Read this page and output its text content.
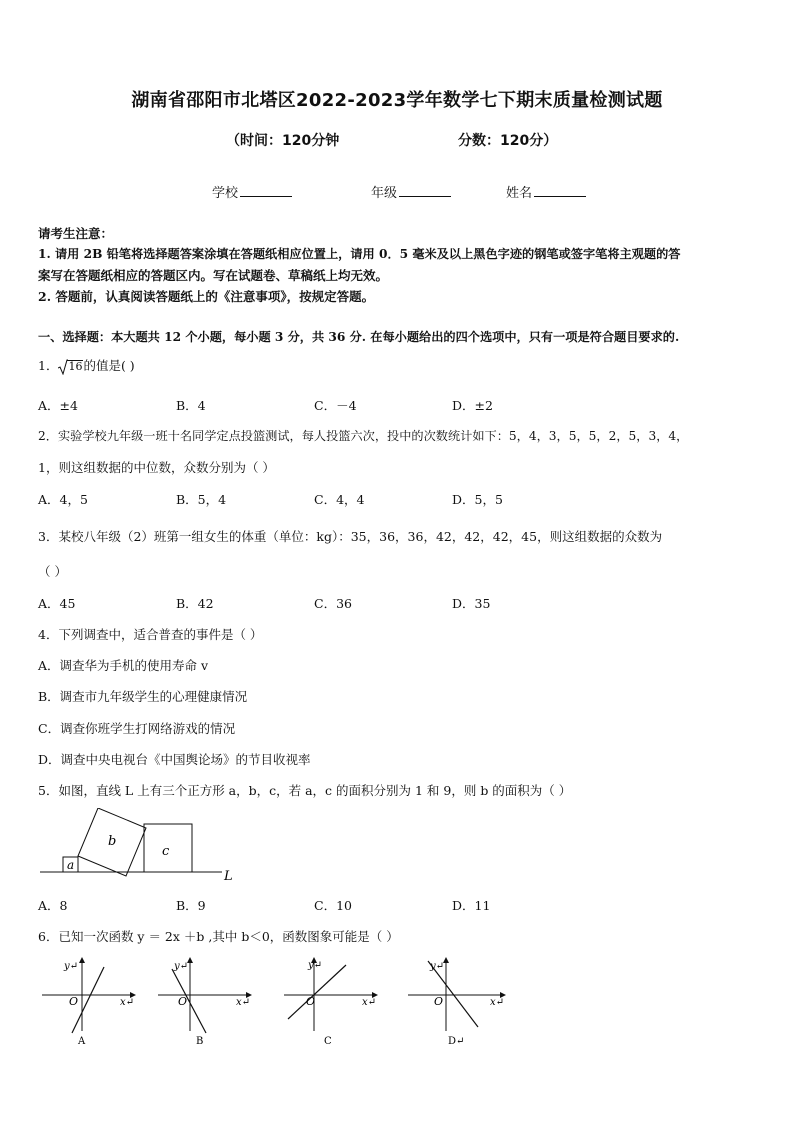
湖南省邵阳市北塔区2022-2023学年数学七下期末质量检测试题
（时间：120分钟	分数：120分）
学校	年级	姓名
请考生注意：
1. 请用 2B 铅笔将选择题答案涂填在答题纸相应位置上，请用 0．5 毫米及以上黑色字迹的钢笔或签字笔将主观题的答
案写在答题纸相应的答题区内。写在试题卷、草稿纸上均无效。
2. 答题前，认真阅读答题纸上的《注意事项》，按规定答题。
一、选择题：本大题共 12 个小题，每小题 3 分，共 36 分. 在每小题给出的四个选项中，只有一项是符合题目要求的.
1． 16的值是( )
A．±4	B．4	C．－4	D．±2
2．实验学校九年级一班十名同学定点投篮测试，每人投篮六次，投中的次数统计如下：5，4，3，5，5，2，5，3，4，
1，则这组数据的中位数，众数分别为（ ）
A．4，5	B．5，4	C．4，4	D．5，5
3．某校八年级（2）班第一组女生的体重（单位：kg）：35，36，36，42，42，42，45，则这组数据的众数为
（ ）
A．45	B．42	C．36	D．35
4．下列调查中，适合普查的事件是（ ）
A．调查华为手机的使用寿命 v
B．调查市九年级学生的心理健康情况
C．调查你班学生打网络游戏的情况
D．调查中央电视台《中国舆论场》的节目收视率
5．如图，直线 L 上有三个正方形 a，b，c，若 a，c 的面积分别为 1 和 9，则 b 的面积为（ ）
a
b
c
L
A．8	B．9	C．10	D．11
6．已知一次函数 y ＝ 2x ＋b ,其中 b＜0，函数图象可能是（ ）
y↵
x↵
O
A
y↵
x↵
O
B
y↵
x↵
O
C
y↵
x↵
O
D↵
